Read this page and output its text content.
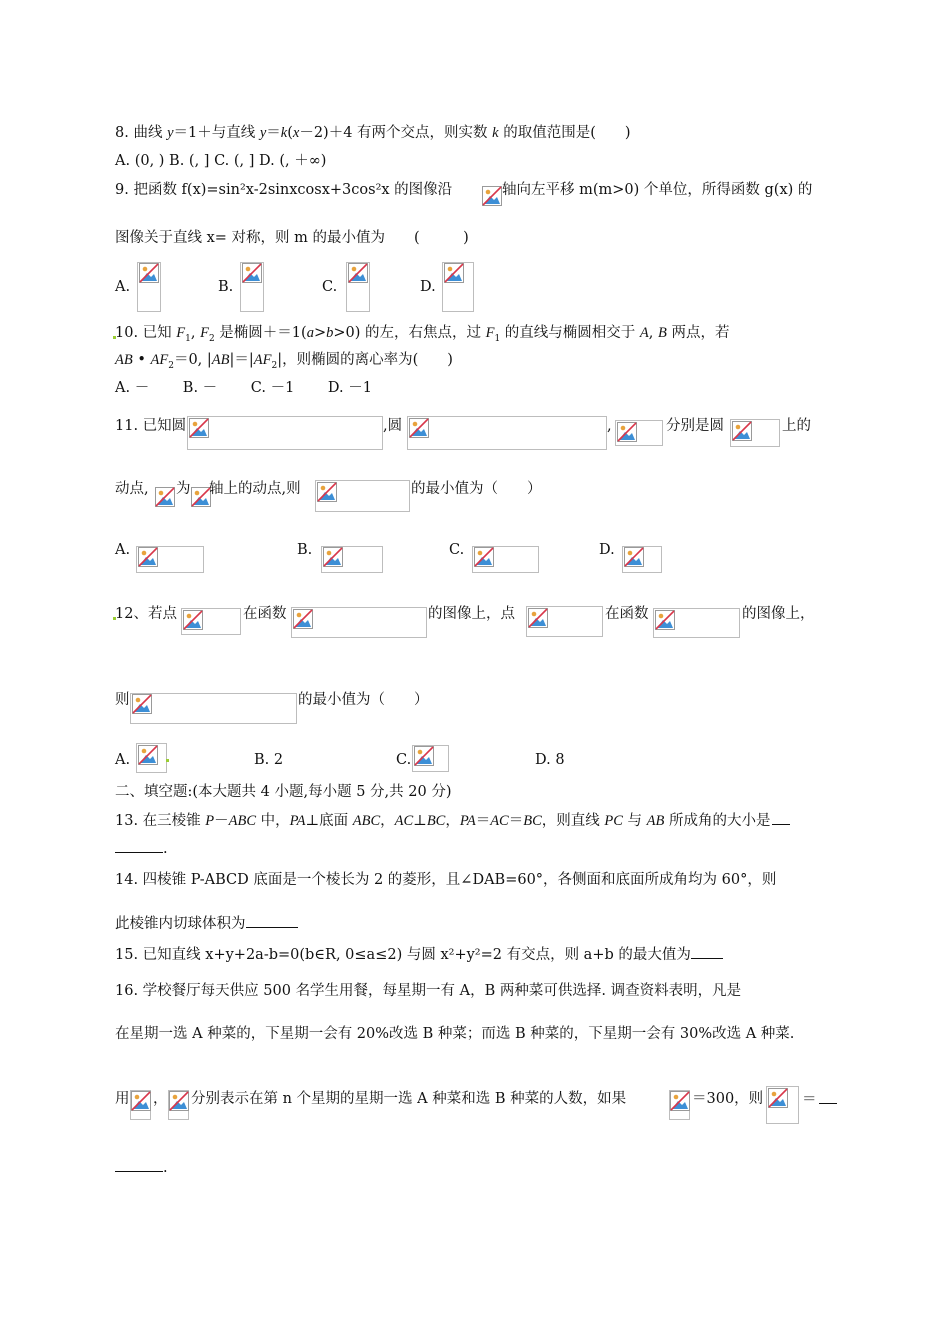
8. 曲线 y＝1＋与直线 y＝k(x－2)＋4 有两个交点，则实数 k 的取值范围是(　　)
A. (0, ) B. (, ] C. (, ] D. (, ＋∞)
9. 把函数 f(x)=sin²x-2sinxcosx+3cos²x 的图像沿	轴向左平移 m(m>0) 个单位，所得函数 g(x) 的
图像关于直线 x= 对称，则 m 的最小值为　　(　　　)
A.	B.	C.	D.
10. 已知 $F_1$, $F_2$ 是椭圆＋＝1(a>b>0) 的左，右焦点，过 $F_1$ 的直线与椭圆相交于 A, B 两点，若
AB • $AF_2=0$, $|AB|=|AF_2|$，则椭圆的离心率为(　　)
A. －　　 B. －　　 C. －1　　 D. －1
11. 已知圆	,圆	,	分别是圆	上的
动点, 为 轴上的动点,则	的最小值为（　　）
A.	B.	C.	D.
12、若点	在函数	的图像上，点	在函数	的图像上，
则	的最小值为（　　）
A.	B. 2	C.	D. 8
二、填空题:(本大题共 4 小题,每小题 5 分,共 20 分)
13. 在三棱锥 P－ABC 中，PA⊥底面 ABC，AC⊥BC，PA＝AC＝BC，则直线 PC 与 AB 所成角的大小是
.
14. 四棱锥 P-ABCD 底面是一个棱长为 2 的菱形，且∠DAB=60°，各侧面和底面所成角均为 60°，则
此棱锥内切球体积为
15. 已知直线 x+y+2a-b=0(b∈R, 0≤a≤2) 与圆 x²+y²=2 有交点，则 a+b 的最大值为
16. 学校餐厅每天供应 500 名学生用餐，每星期一有 A，B 两种菜可供选择. 调查资料表明，凡是
在星期一选 A 种菜的，下星期一会有 20%改选 B 种菜；而选 B 种菜的，下星期一会有 30%改选 A 种菜.
用 ， 分别表示在第 n 个星期的星期一选 A 种菜和选 B 种菜的人数，如果	＝300，则	＝
.
